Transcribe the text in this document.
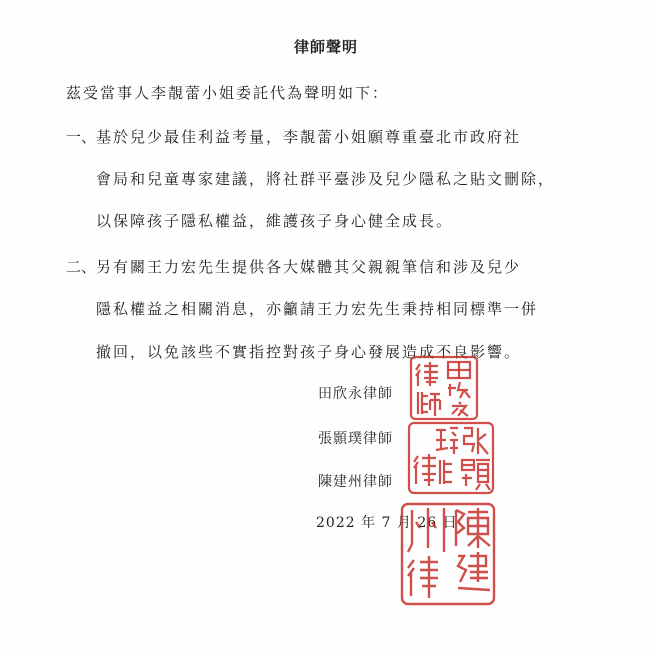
律師聲明
茲受當事人李靚蕾小姐委託代為聲明如下：
一、 基於兒少最佳利益考量，李靚蕾小姐願尊重臺北市政府社
會局和兒童專家建議，將社群平臺涉及兒少隱私之貼文刪除，
以保障孩子隱私權益，維護孩子身心健全成長。
二、 另有關王力宏先生提供各大媒體其父親親筆信和涉及兒少
隱私權益之相關消息，亦籲請王力宏先生秉持相同標準一併
撤回，以免該些不實指控對孩子身心發展造成不良影響。
田欣永律師
張顥璞律師
陳建州律師
2022 年 7 月 26 日
